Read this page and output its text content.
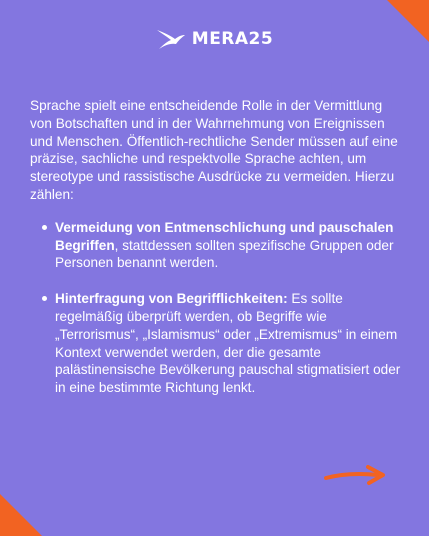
MERA25

Sprache spielt eine entscheidende Rolle in der Vermittlung von Botschaften und in der Wahrnehmung von Ereignissen und Menschen. Öffentlich-rechtliche Sender müssen auf eine präzise, sachliche und respektvolle Sprache achten, um stereotype und rassistische Ausdrücke zu vermeiden. Hierzu zählen:

Vermeidung von Entmenschlichung und pauschalen Begriffen, stattdessen sollten spezifische Gruppen oder Personen benannt werden.
Hinterfragung von Begrifflichkeiten: Es sollte regelmäßig überprüft werden, ob Begriffe wie „Terrorismus“, „Islamismus“ oder „Extremismus“ in einem Kontext verwendet werden, der die gesamte palästinensische Bevölkerung pauschal stigmatisiert oder in eine bestimmte Richtung lenkt.
